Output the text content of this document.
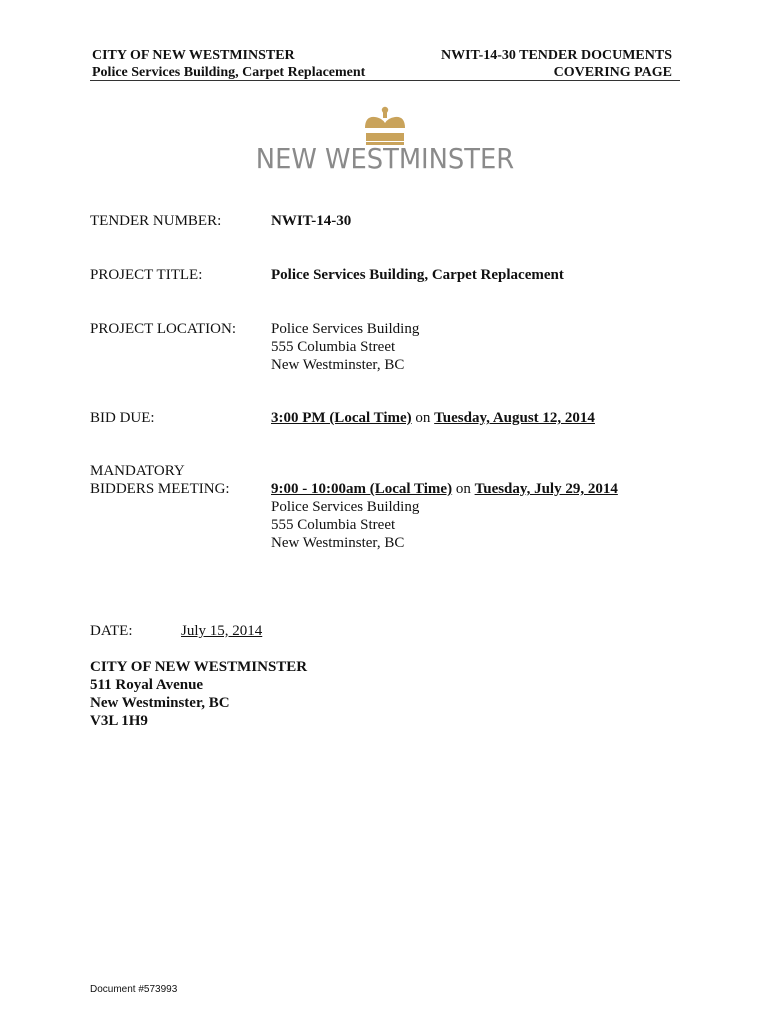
CITY OF NEW WESTMINSTER
Police Services Building, Carpet Replacement
NWIT-14-30 TENDER DOCUMENTS
COVERING PAGE
NEW WESTMINSTER
TENDER NUMBER:	NWIT-14-30
PROJECT TITLE:	Police Services Building, Carpet Replacement
PROJECT LOCATION: Police Services Building
555 Columbia Street
New Westminster, BC
BID DUE:	3:00 PM (Local Time) on Tuesday, August 12, 2014
MANDATORY
BIDDERS MEETING:	9:00 - 10:00am (Local Time) on Tuesday, July 29, 2014
Police Services Building
555 Columbia Street
New Westminster, BC
DATE:	July 15, 2014
CITY OF NEW WESTMINSTER
511 Royal Avenue
New Westminster, BC
V3L 1H9
Document #573993
